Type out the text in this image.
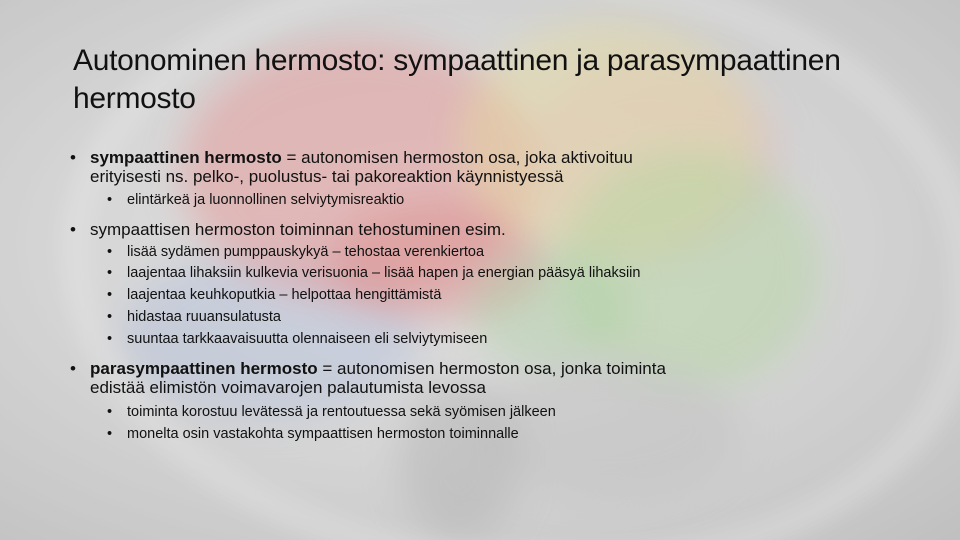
Autonominen hermosto: sympaattinen ja parasympaattinen hermosto
• sympaattinen hermosto = autonomisen hermoston osa, joka aktivoituu
erityisesti ns. pelko-, puolustus- tai pakoreaktion käynnistyessä
• elintärkeä ja luonnollinen selviytymisreaktio
• sympaattisen hermoston toiminnan tehostuminen esim.
• lisää sydämen pumppauskykyä – tehostaa verenkiertoa
• laajentaa lihaksiin kulkevia verisuonia – lisää hapen ja energian pääsyä lihaksiin
• laajentaa keuhkoputkia – helpottaa hengittämistä
• hidastaa ruuansulatusta
• suuntaa tarkkaavaisuutta olennaiseen eli selviytymiseen
• parasympaattinen hermosto = autonomisen hermoston osa, jonka toiminta
edistää elimistön voimavarojen palautumista levossa
• toiminta korostuu levätessä ja rentoutuessa sekä syömisen jälkeen
• monelta osin vastakohta sympaattisen hermoston toiminnalle
